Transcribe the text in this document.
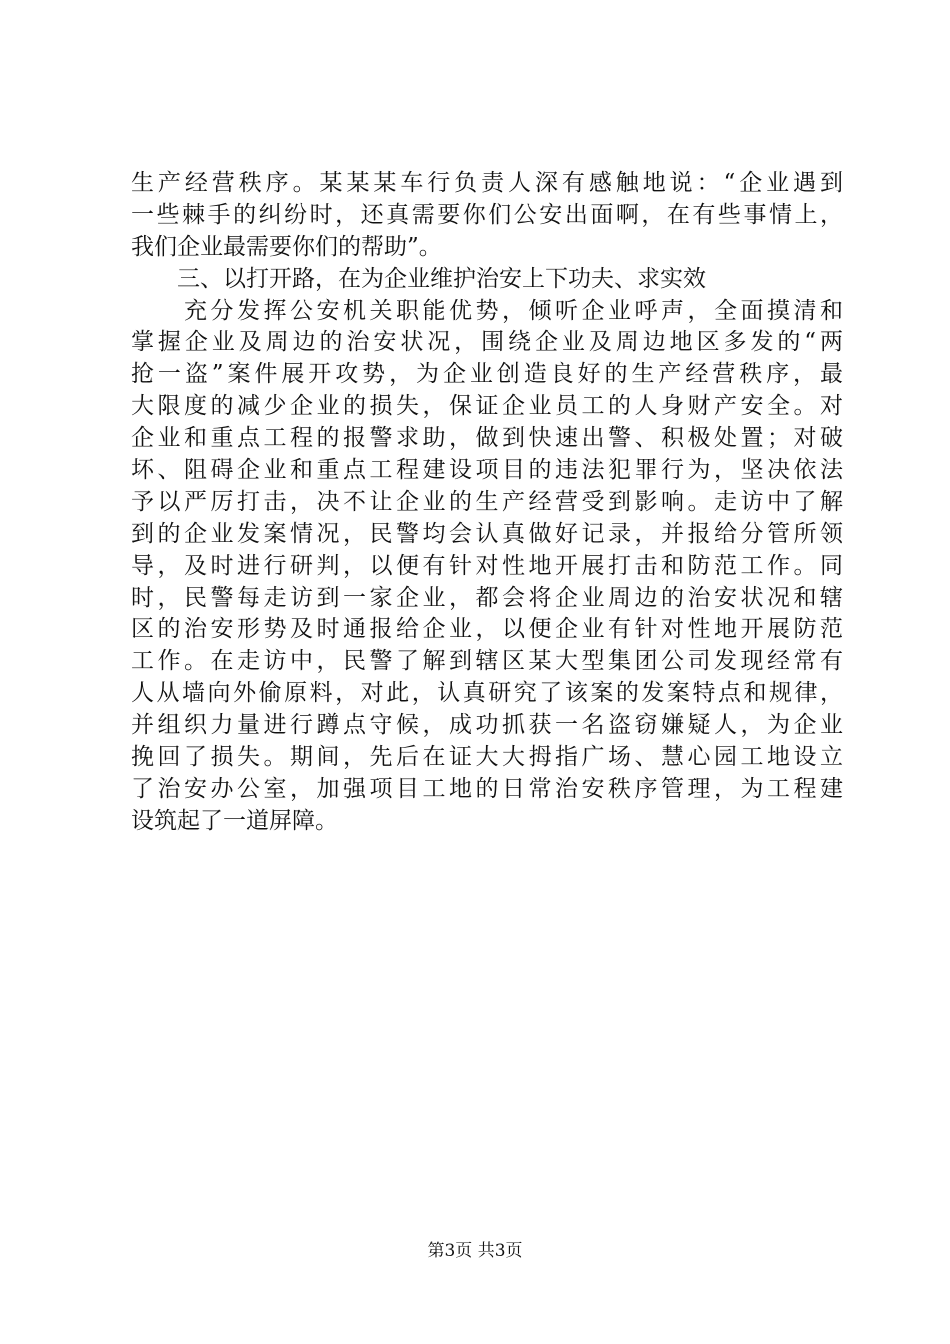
生产经营秩序。某某某车行负责人深有感触地说：“企业遇到
一些棘手的纠纷时，还真需要你们公安出面啊，在有些事情上，
我们企业最需要你们的帮助”。
　　三、以打开路，在为企业维护治安上下功夫、求实效
　　充分发挥公安机关职能优势，倾听企业呼声，全面摸清和
掌握企业及周边的治安状况，围绕企业及周边地区多发的“两
抢一盗”案件展开攻势，为企业创造良好的生产经营秩序，最
大限度的减少企业的损失，保证企业员工的人身财产安全。对
企业和重点工程的报警求助，做到快速出警、积极处置；对破
坏、阻碍企业和重点工程建设项目的违法犯罪行为，坚决依法
予以严厉打击，决不让企业的生产经营受到影响。走访中了解
到的企业发案情况，民警均会认真做好记录，并报给分管所领
导，及时进行研判，以便有针对性地开展打击和防范工作。同
时，民警每走访到一家企业，都会将企业周边的治安状况和辖
区的治安形势及时通报给企业，以便企业有针对性地开展防范
工作。在走访中，民警了解到辖区某大型集团公司发现经常有
人从墙向外偷原料，对此，认真研究了该案的发案特点和规律，
并组织力量进行蹲点守候，成功抓获一名盗窃嫌疑人，为企业
挽回了损失。期间，先后在证大大拇指广场、慧心园工地设立
了治安办公室，加强项目工地的日常治安秩序管理，为工程建
设筑起了一道屏障。
第3页 共3页
